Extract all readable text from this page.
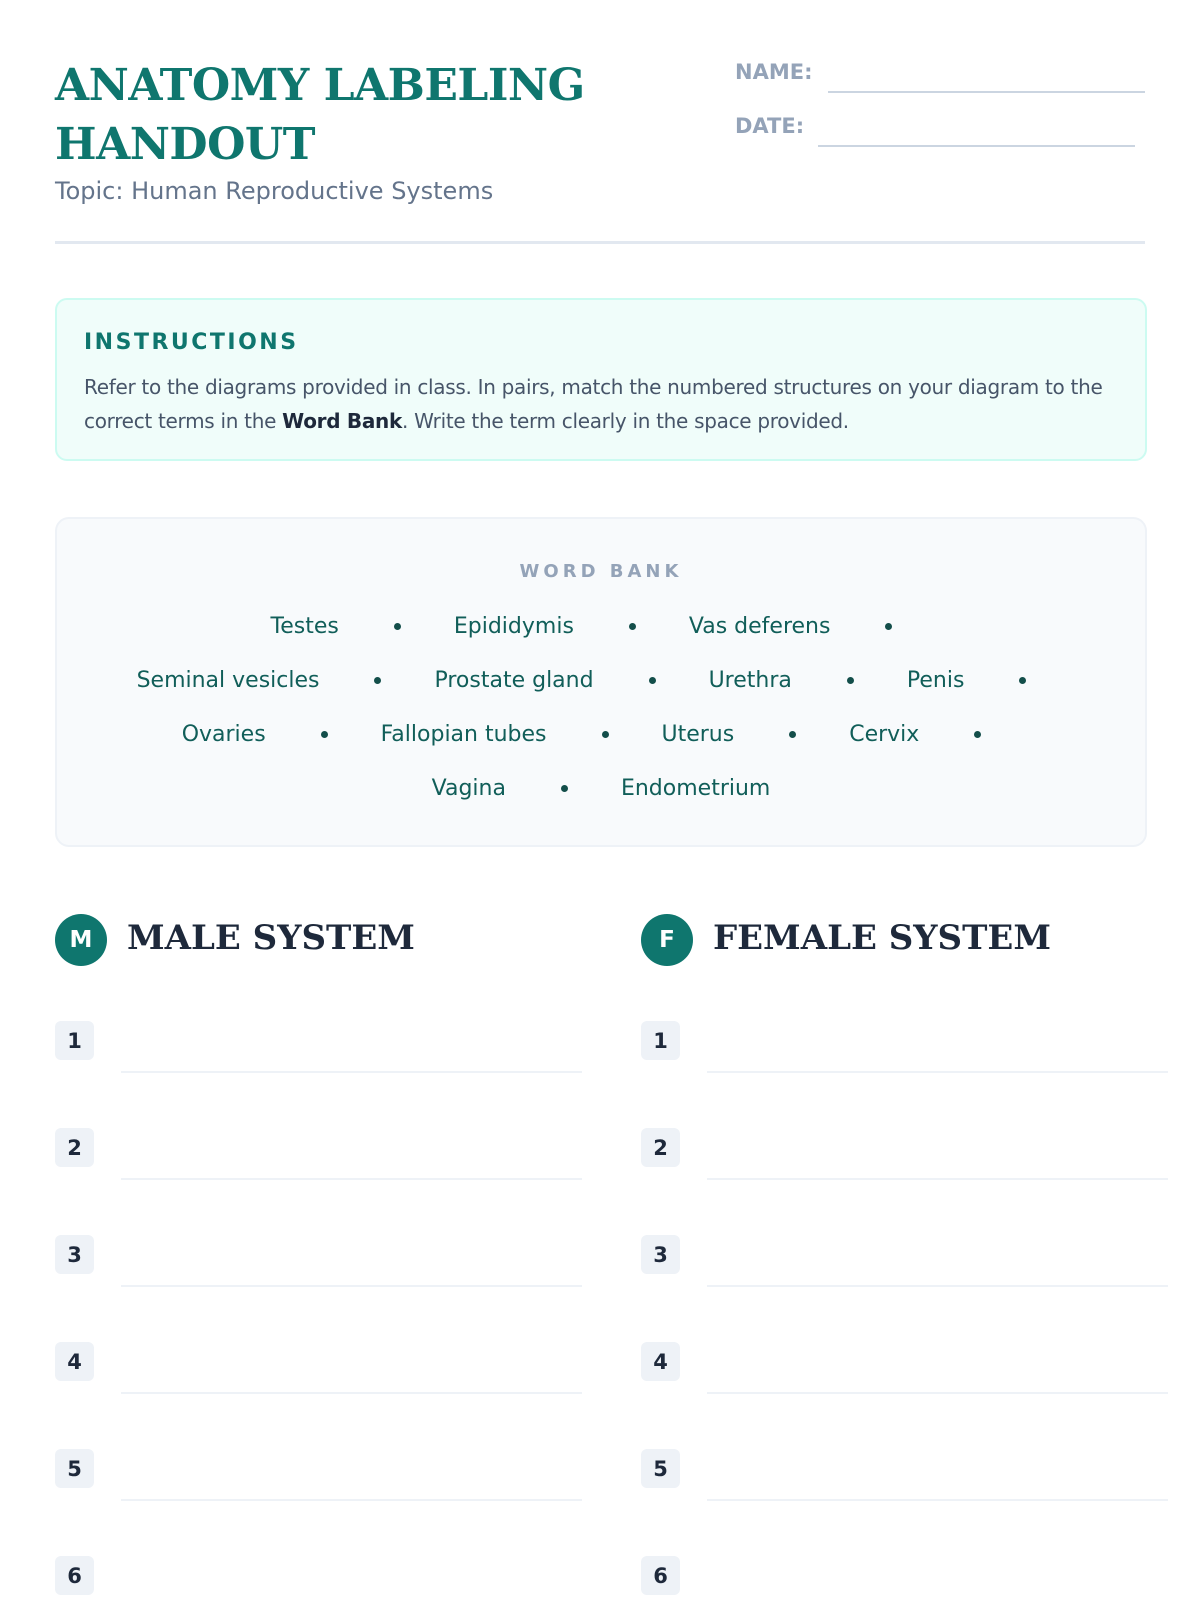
ANATOMY LABELING HANDOUT
Topic: Human Reproductive Systems
NAME:
DATE:
INSTRUCTIONS

Refer to the diagrams provided in class. In pairs, match the numbered structures on your diagram to the correct terms in the Word Bank. Write the term clearly in the space provided.

WORD BANK
Testes	Epididymis	Vas deferens
Seminal vesicles	Prostate gland	Urethra	Penis
Ovaries	Fallopian tubes	Uterus	Cervix
Vagina	Endometrium
M	MALE SYSTEM
1
2
3
4
5
6
F	FEMALE SYSTEM
1
2
3
4
5
6
